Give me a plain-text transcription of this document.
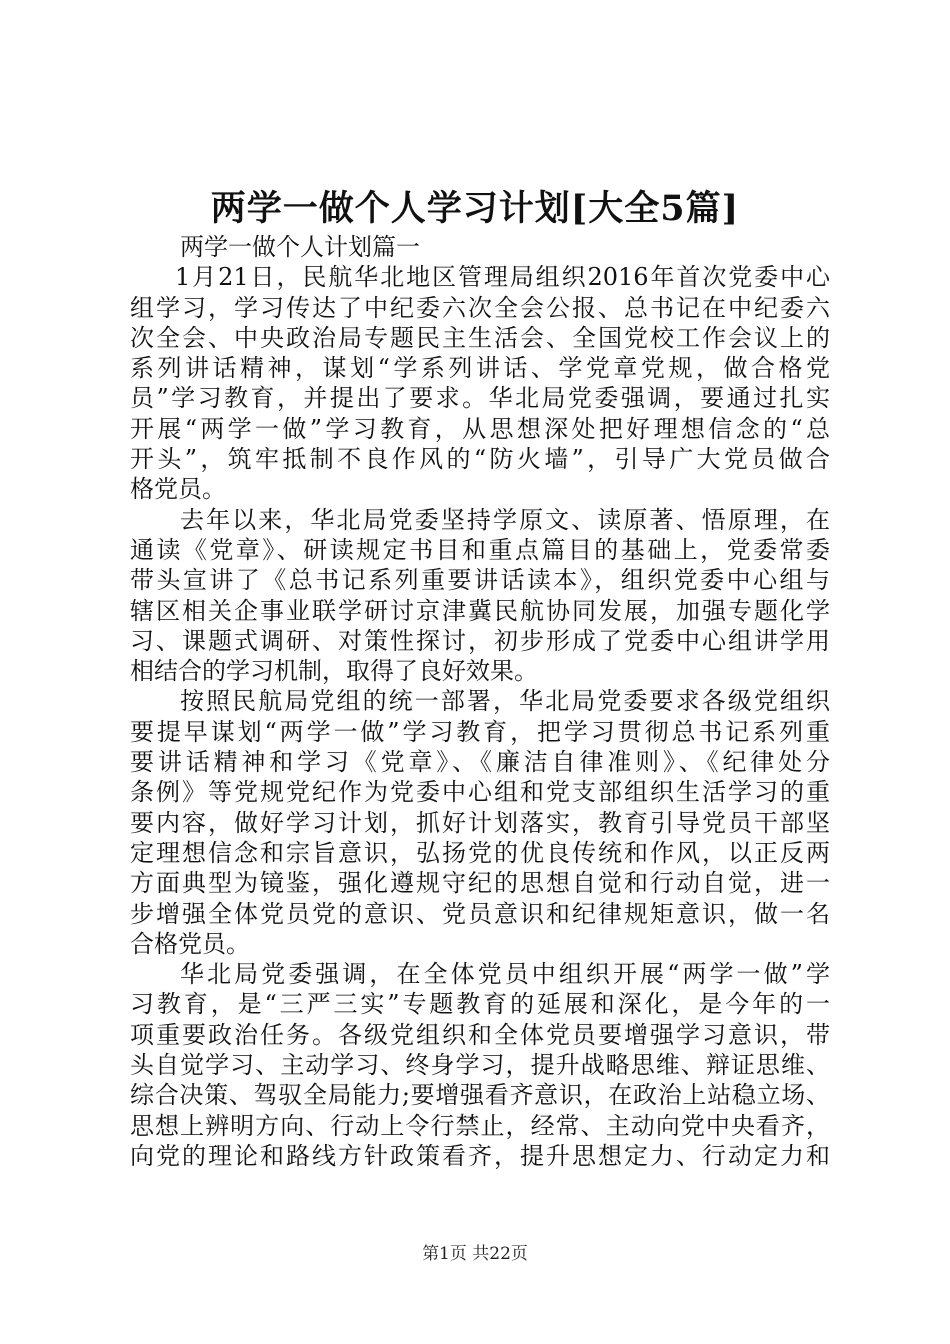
两学一做个人学习计划[大全5篇]
两学一做个人计划篇一
1月21日，民航华北地区管理局组织2016年首次党委中心
组学习，学习传达了中纪委六次全会公报、总书记在中纪委六
次全会、中央政治局专题民主生活会、全国党校工作会议上的
系列讲话精神，谋划“学系列讲话、学党章党规，做合格党
员”学习教育，并提出了要求。华北局党委强调，要通过扎实
开展“两学一做”学习教育，从思想深处把好理想信念的“总
开头”，筑牢抵制不良作风的“防火墙”，引导广大党员做合
格党员。
去年以来，华北局党委坚持学原文、读原著、悟原理，在
通读《党章》、研读规定书目和重点篇目的基础上，党委常委
带头宣讲了《总书记系列重要讲话读本》，组织党委中心组与
辖区相关企事业联学研讨京津冀民航协同发展，加强专题化学
习、课题式调研、对策性探讨，初步形成了党委中心组讲学用
相结合的学习机制，取得了良好效果。
按照民航局党组的统一部署，华北局党委要求各级党组织
要提早谋划“两学一做”学习教育，把学习贯彻总书记系列重
要讲话精神和学习《党章》、《廉洁自律准则》、《纪律处分
条例》等党规党纪作为党委中心组和党支部组织生活学习的重
要内容，做好学习计划，抓好计划落实，教育引导党员干部坚
定理想信念和宗旨意识，弘扬党的优良传统和作风，以正反两
方面典型为镜鉴，强化遵规守纪的思想自觉和行动自觉，进一
步增强全体党员党的意识、党员意识和纪律规矩意识，做一名
合格党员。
华北局党委强调，在全体党员中组织开展“两学一做”学
习教育，是“三严三实”专题教育的延展和深化，是今年的一
项重要政治任务。各级党组织和全体党员要增强学习意识，带
头自觉学习、主动学习、终身学习，提升战略思维、辩证思维、
综合决策、驾驭全局能力;要增强看齐意识，在政治上站稳立场、
思想上辨明方向、行动上令行禁止，经常、主动向党中央看齐，
向党的理论和路线方针政策看齐，提升思想定力、行动定力和
第1页 共22页
